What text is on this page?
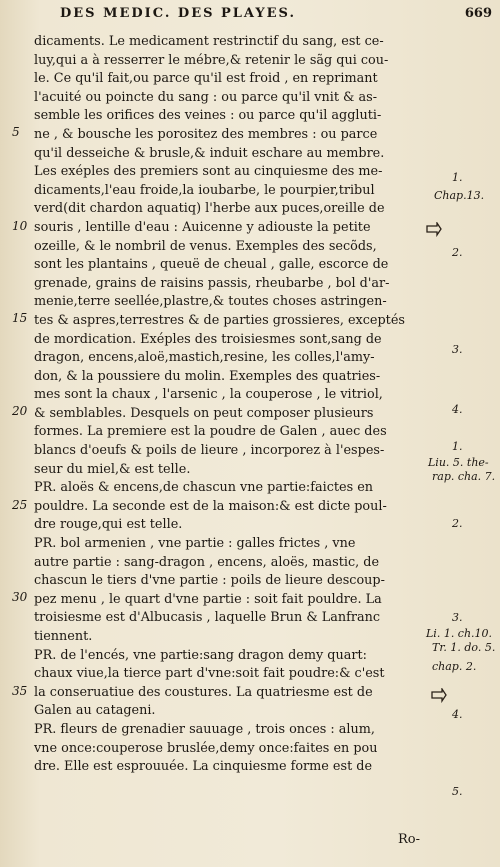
DES MEDIC. DES PLAYES.	669
dicaments. Le medicament restrinctif du sang, est ce-
luy,qui a à resserrer le mébre,& retenir le sãg qui cou-
le. Ce qu'il fait,ou parce qu'il est froid , en reprimant
l'acuité ou poincte du sang : ou parce qu'il vnit & as-
semble les orifices des veines : ou parce qu'il aggluti-
ne , & bousche les porositez des membres : ou parce
qu'il desseiche & brusle,& induit eschare au membre.
Les exéples des premiers sont au cinquiesme des me-
dicaments,l'eau froide,la ioubarbe, le pourpier,tribul
verd(dit chardon aquatiq) l'herbe aux puces,oreille de
souris , lentille d'eau : Auicenne y adiouste la petite
ozeille, & le nombril de venus. Exemples des secõds,
sont les plantains , queuë de cheual , galle, escorce de
grenade, grains de raisins passis, rheubarbe , bol d'ar-
menie,terre seellée,plastre,& toutes choses astringen-
tes & aspres,terrestres & de parties grossieres, exceptés
de mordication. Exéples des troisiesmes sont,sang de
dragon, encens,aloë,mastich,resine, les colles,l'amy-
don, & la poussiere du molin. Exemples des quatries-
mes sont la chaux , l'arsenic , la couperose , le vitriol,
& semblables. Desquels on peut composer plusieurs
formes. La premiere est la poudre de Galen , auec des
blancs d'oeufs & poils de lieure , incorporez à l'espes-
seur du miel,& est telle.
PR. aloës & encens,de chascun vne partie:faictes en
pouldre. La seconde est de la maison:& est dicte poul-
dre rouge,qui est telle.
PR. bol armenien , vne partie : galles frictes , vne
autre partie : sang-dragon , encens, aloës, mastic, de
chascun le tiers d'vne partie : poils de lieure descoup-
pez menu , le quart d'vne partie : soit fait pouldre. La
troisiesme est d'Albucasis , laquelle Brun & Lanfranc
tiennent.
PR. de l'encés, vne partie:sang dragon demy quart:
chaux viue,la tierce part d'vne:soit fait poudre:& c'est
la conseruatiue des coustures. La quatriesme est de
Galen au catageni.
PR. fleurs de grenadier sauuage , trois onces : alum,
vne once:couperose bruslée,demy once:faites en pou
dre. Elle est esprouuée. La cinquiesme forme est de
5
10
15
20
25
30
35
1.
Chap.13.
2.
3.
4.
1.
Liu. 5. the-
rap. cha. 7.
2.
3.
Li. 1. ch.10.
Tr. 1. do. 5.
chap. 2.
4.
5.
Ro-
